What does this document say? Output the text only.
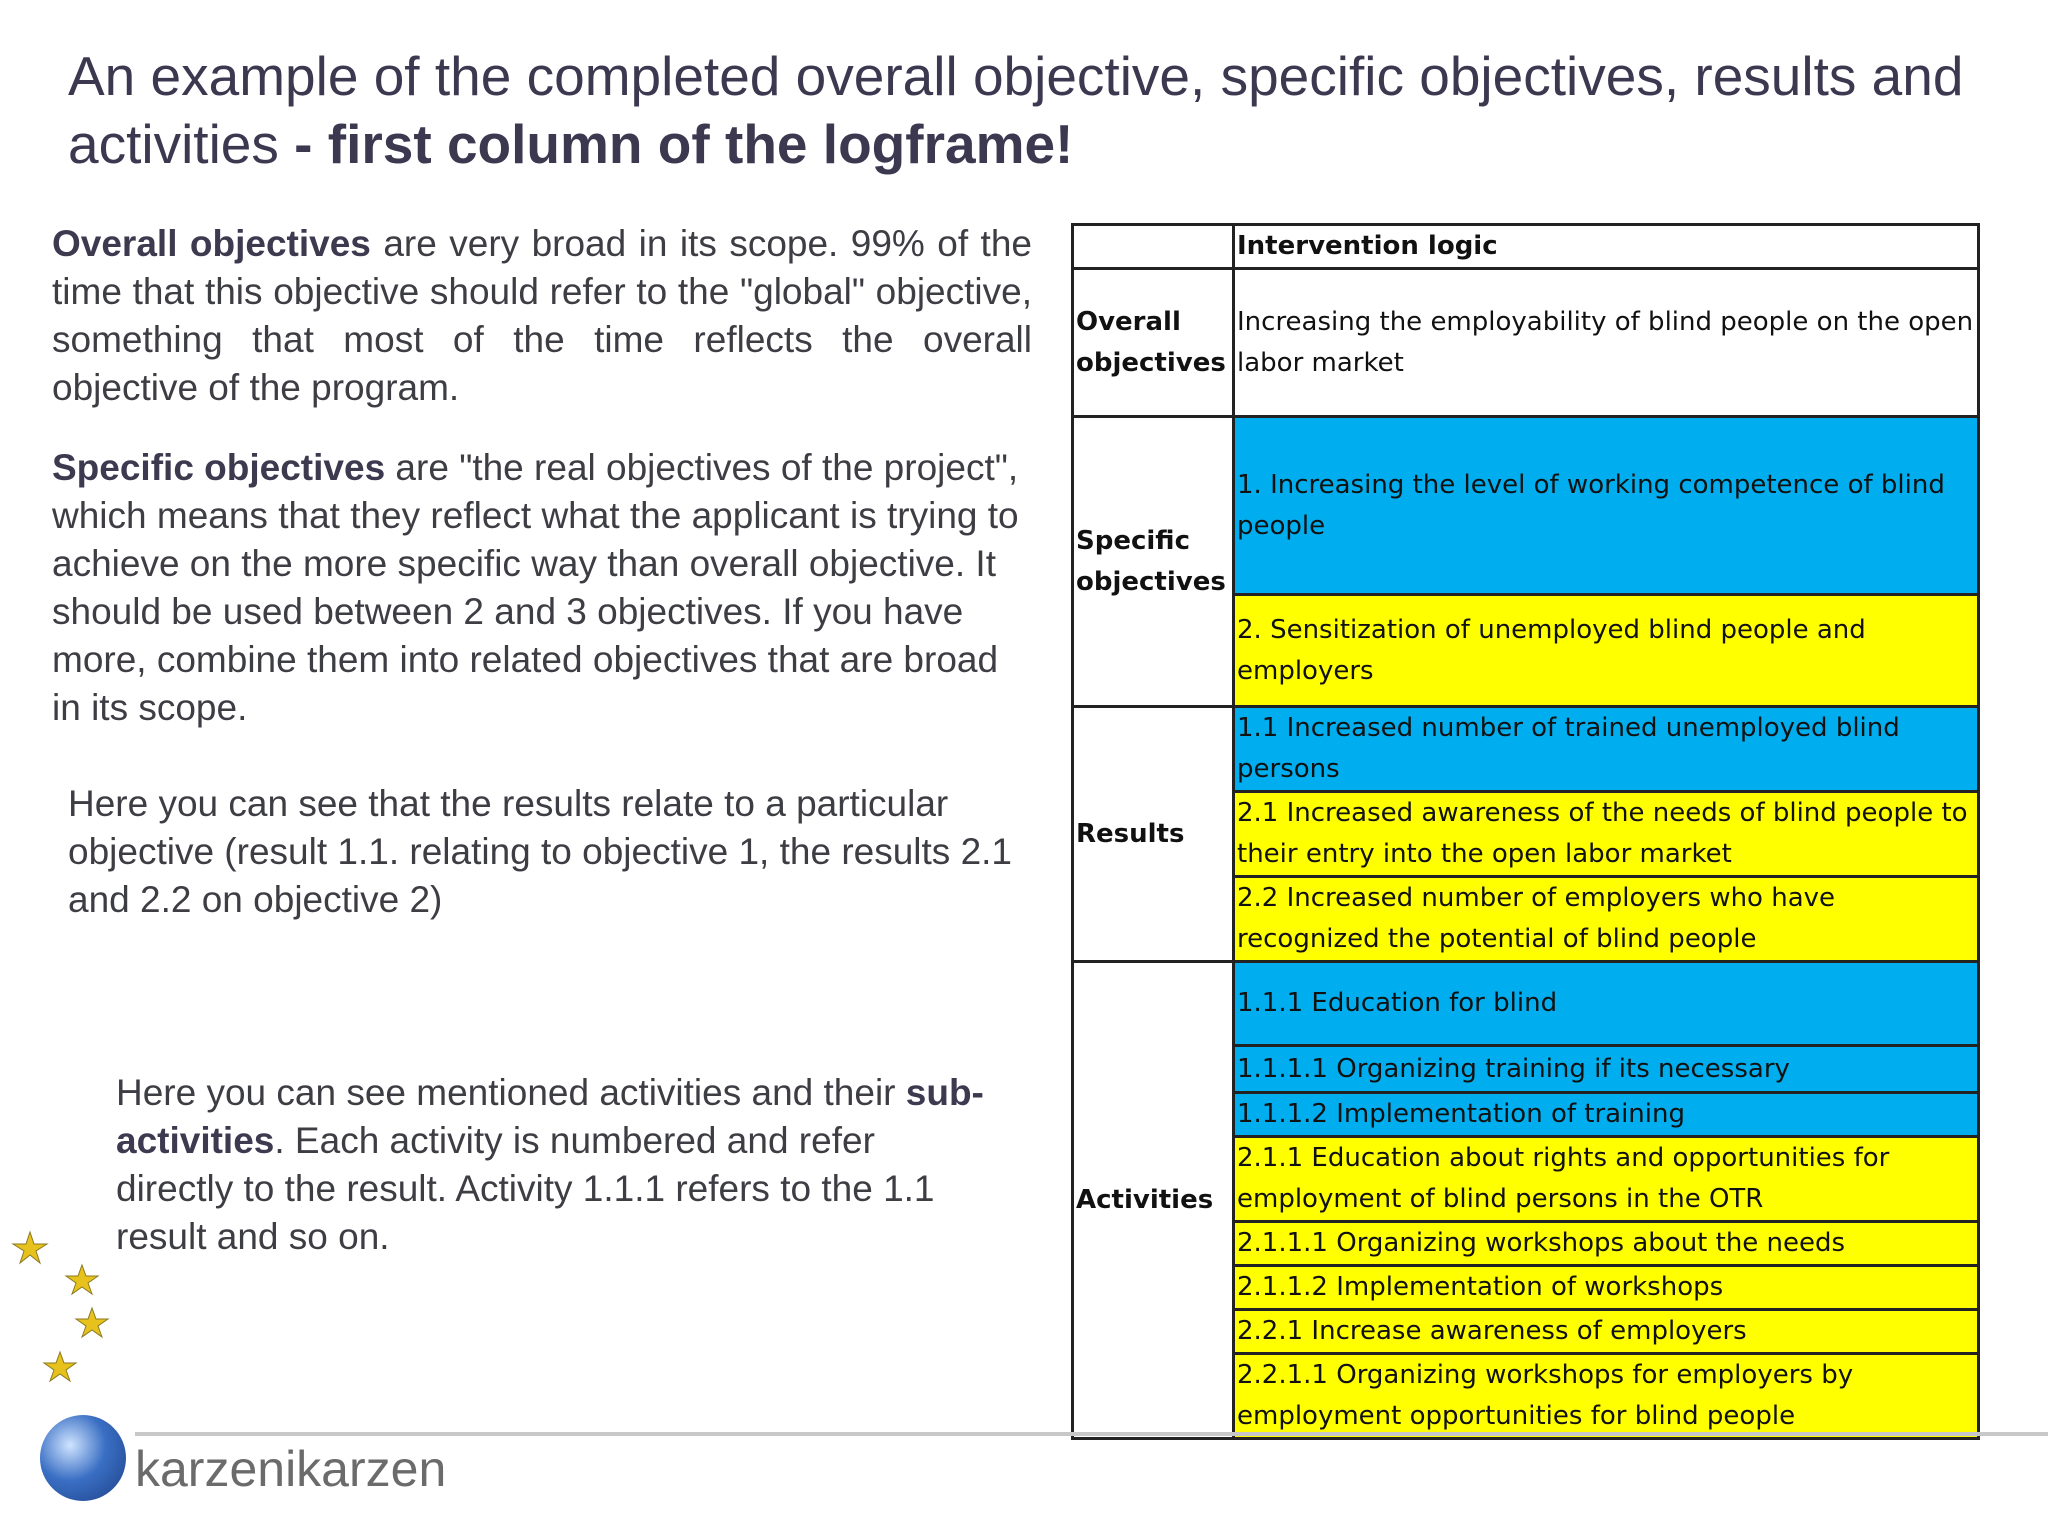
An example of the completed overall objective, specific objectives, results and activities - first column of the logframe!
Overall objectives are very broad in its scope. 99% of the time that this objective should refer to the "global" objective, something that most of the time reflects the overall objective of the program.
Specific objectives are "the real objectives of the project", which means that they reflect what the applicant is trying to achieve on the more specific way than overall objective. It should be used between 2 and 3 objectives. If you have more, combine them into related objectives that are broad in its scope.
Here you can see that the results relate to a particular objective (result 1.1. relating to objective 1, the results 2.1 and 2.2 on objective 2)
Here you can see mentioned activities and their sub-activities. Each activity is numbered and refer directly to the result. Activity 1.1.1 refers to the 1.1 result and so on.
	Intervention logic
Overall objectives	Increasing the employability of blind people on the open labor market
Specific objectives	1. Increasing the level of working competence of blind people
	2. Sensitization of unemployed blind people and employers
Results	1.1 Increased number of trained unemployed blind persons
	2.1 Increased awareness of the needs of blind people to their entry into the open labor market
	2.2 Increased number of employers who have recognized the potential of blind people
Activities	1.1.1 Education for blind
	1.1.1.1 Organizing training if its necessary
	1.1.1.2 Implementation of training
	2.1.1 Education about rights and opportunities for employment of blind persons in the OTR
	2.1.1.1 Organizing workshops about the needs
	2.1.1.2 Implementation of workshops
	2.2.1 Increase awareness of employers
	2.2.1.1 Organizing workshops for employers by employment opportunities for blind people
karzenikarzen
